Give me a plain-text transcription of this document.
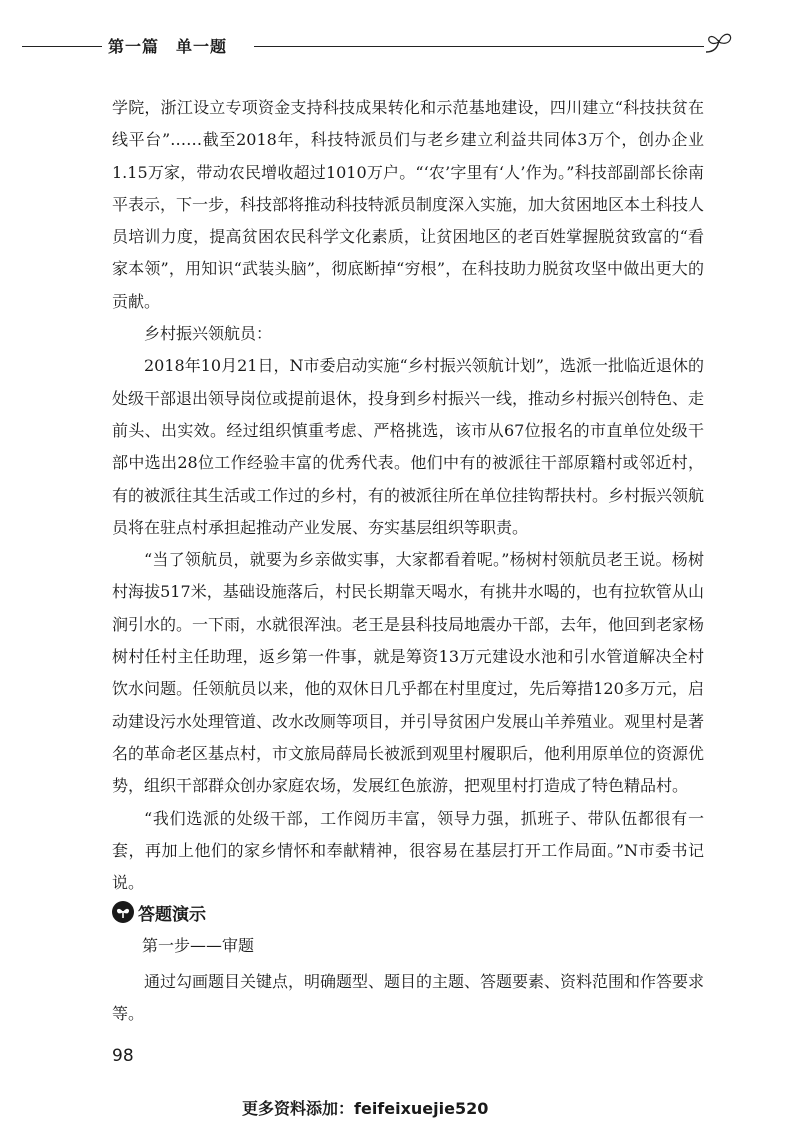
第一篇　单一题

学院，浙江设立专项资金支持科技成果转化和示范基地建设，四川建立“科技扶贫在线平台”……截至2018年，科技特派员们与老乡建立利益共同体3万个，创办企业1.15万家，带动农民增收超过1010万户。“‘农’字里有‘人’作为。”科技部副部长徐南平表示，下一步，科技部将推动科技特派员制度深入实施，加大贫困地区本土科技人员培训力度，提高贫困农民科学文化素质，让贫困地区的老百姓掌握脱贫致富的“看家本领”，用知识“武装头脑”，彻底断掉“穷根”，在科技助力脱贫攻坚中做出更大的贡献。

乡村振兴领航员：

2018年10月21日，N市委启动实施“乡村振兴领航计划”，选派一批临近退休的处级干部退出领导岗位或提前退休，投身到乡村振兴一线，推动乡村振兴创特色、走前头、出实效。经过组织慎重考虑、严格挑选，该市从67位报名的市直单位处级干部中选出28位工作经验丰富的优秀代表。他们中有的被派往干部原籍村或邻近村，有的被派往其生活或工作过的乡村，有的被派往所在单位挂钩帮扶村。乡村振兴领航员将在驻点村承担起推动产业发展、夯实基层组织等职责。

“当了领航员，就要为乡亲做实事，大家都看着呢。”杨树村领航员老王说。杨树村海拔517米，基础设施落后，村民长期靠天喝水，有挑井水喝的，也有拉软管从山涧引水的。一下雨，水就很浑浊。老王是县科技局地震办干部，去年，他回到老家杨树村任村主任助理，返乡第一件事，就是筹资13万元建设水池和引水管道解决全村饮水问题。任领航员以来，他的双休日几乎都在村里度过，先后筹措120多万元，启动建设污水处理管道、改水改厕等项目，并引导贫困户发展山羊养殖业。观里村是著名的革命老区基点村，市文旅局薛局长被派到观里村履职后，他利用原单位的资源优势，组织干部群众创办家庭农场，发展红色旅游，把观里村打造成了特色精品村。

“我们选派的处级干部，工作阅历丰富，领导力强，抓班子、带队伍都很有一套，再加上他们的家乡情怀和奉献精神，很容易在基层打开工作局面。”N市委书记说。

答题演示
第一步——审题
通过勾画题目关键点，明确题型、题目的主题、答题要素、资料范围和作答要求等。
98
更多资料添加：feifeixuejie520
